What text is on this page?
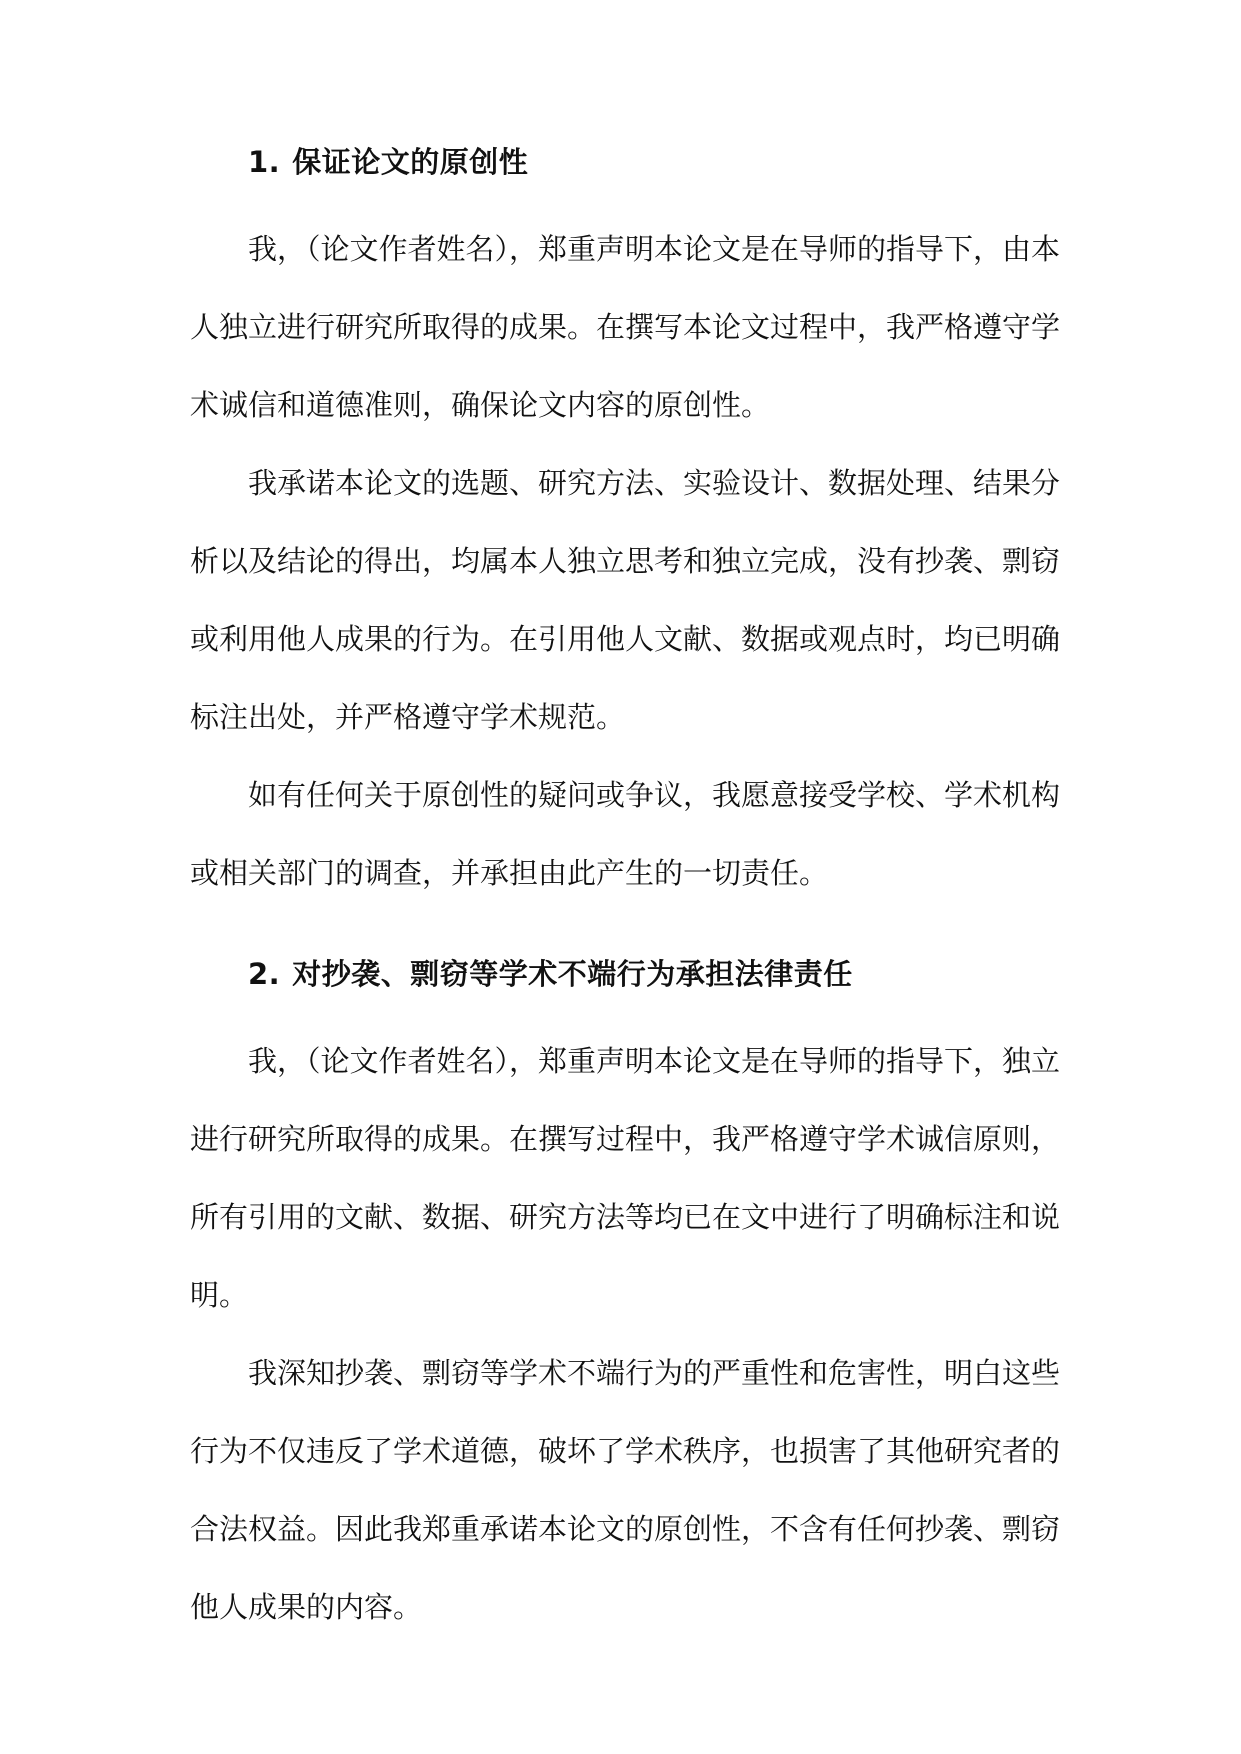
1. 保证论文的原创性

我，（论文作者姓名），郑重声明本论文是在导师的指导下，由本人独立进行研究所取得的成果。在撰写本论文过程中，我严格遵守学术诚信和道德准则，确保论文内容的原创性。

我承诺本论文的选题、研究方法、实验设计、数据处理、结果分析以及结论的得出，均属本人独立思考和独立完成，没有抄袭、剽窃或利用他人成果的行为。在引用他人文献、数据或观点时，均已明确标注出处，并严格遵守学术规范。

如有任何关于原创性的疑问或争议，我愿意接受学校、学术机构或相关部门的调查，并承担由此产生的一切责任。

2. 对抄袭、剽窃等学术不端行为承担法律责任

我，（论文作者姓名），郑重声明本论文是在导师的指导下，独立进行研究所取得的成果。在撰写过程中，我严格遵守学术诚信原则，所有引用的文献、数据、研究方法等均已在文中进行了明确标注和说明。

我深知抄袭、剽窃等学术不端行为的严重性和危害性，明白这些行为不仅违反了学术道德，破坏了学术秩序，也损害了其他研究者的合法权益。因此我郑重承诺本论文的原创性，不含有任何抄袭、剽窃他人成果的内容。
